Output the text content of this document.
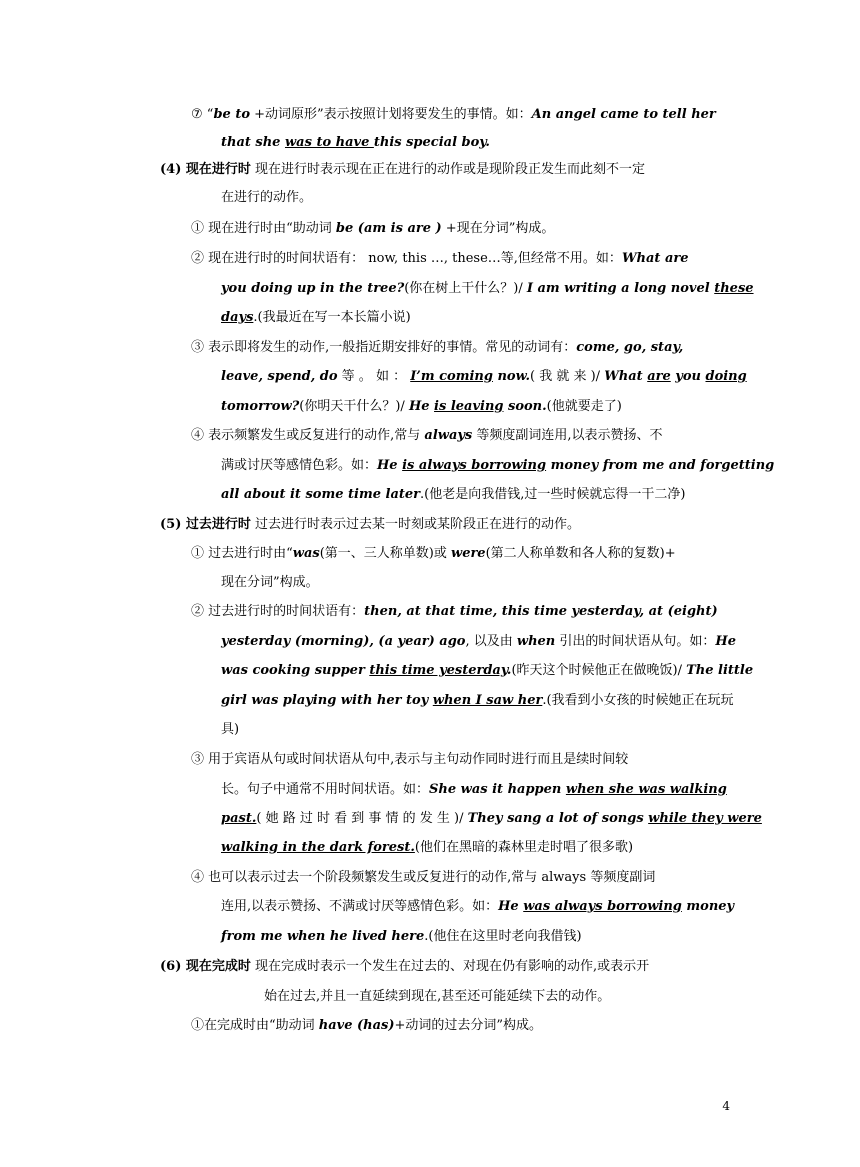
⑦ “be to +动词原形”表示按照计划将要发生的事情。如：An angel came to tell her
that she was to have this special boy.
(4) 现在进行时 现在进行时表示现在正在进行的动作或是现阶段正发生而此刻不一定
在进行的动作。
① 现在进行时由“助动词 be (am is are ) +现在分词”构成。
② 现在进行时的时间状语有： now, this …, these…等,但经常不用。如：What are
you doing up in the tree?(你在树上干什么？)/ I am writing a long novel these
days.(我最近在写一本长篇小说)
③ 表示即将发生的动作,一般指近期安排好的事情。常见的动词有：come, go, stay,
leave, spend, do 等 。 如 ： I’m coming now.( 我 就 来 )/ What are you doing
tomorrow?(你明天干什么？)/ He is leaving soon.(他就要走了)
④ 表示频繁发生或反复进行的动作,常与 always 等频度副词连用,以表示赞扬、不
满或讨厌等感情色彩。如：He is always borrowing money from me and forgetting
all about it some time later.(他老是向我借钱,过一些时候就忘得一干二净)
(5) 过去进行时 过去进行时表示过去某一时刻或某阶段正在进行的动作。
① 过去进行时由“was(第一、三人称单数)或 were(第二人称单数和各人称的复数)+
现在分词”构成。
② 过去进行时的时间状语有：then, at that time, this time yesterday, at (eight)
yesterday (morning), (a year) ago, 以及由 when 引出的时间状语从句。如：He
was cooking supper this time yesterday.(昨天这个时候他正在做晚饭)/ The little
girl was playing with her toy when I saw her.(我看到小女孩的时候她正在玩玩
具)
③ 用于宾语从句或时间状语从句中,表示与主句动作同时进行而且是续时间较
长。句子中通常不用时间状语。如：She was it happen when she was walking
past.( 她 路 过 时 看 到 事 情 的 发 生 )/ They sang a lot of songs while they were
walking in the dark forest.(他们在黑暗的森林里走时唱了很多歌)
④ 也可以表示过去一个阶段频繁发生或反复进行的动作,常与 always 等频度副词
连用,以表示赞扬、不满或讨厌等感情色彩。如：He was always borrowing money
from me when he lived here.(他住在这里时老向我借钱)
(6) 现在完成时 现在完成时表示一个发生在过去的、对现在仍有影响的动作,或表示开
始在过去,并且一直延续到现在,甚至还可能延续下去的动作。
①在完成时由“助动词 have (has)+动词的过去分词”构成。
4
